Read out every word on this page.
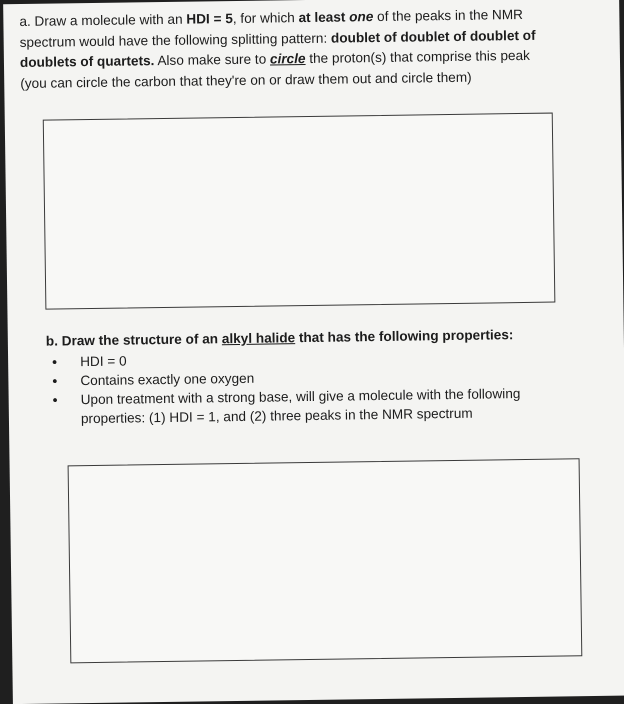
a. Draw a molecule with an HDI = 5, for which at least one of the peaks in the NMR spectrum would have the following splitting pattern: doublet of doublet of doublet of doublets of quartets. Also make sure to circle the proton(s) that comprise this peak (you can circle the carbon that they're on or draw them out and circle them)

b. Draw the structure of an alkyl halide that has the following properties:

• HDI = 0
• Contains exactly one oxygen
• Upon treatment with a strong base, will give a molecule with the following properties: (1) HDI = 1, and (2) three peaks in the NMR spectrum
